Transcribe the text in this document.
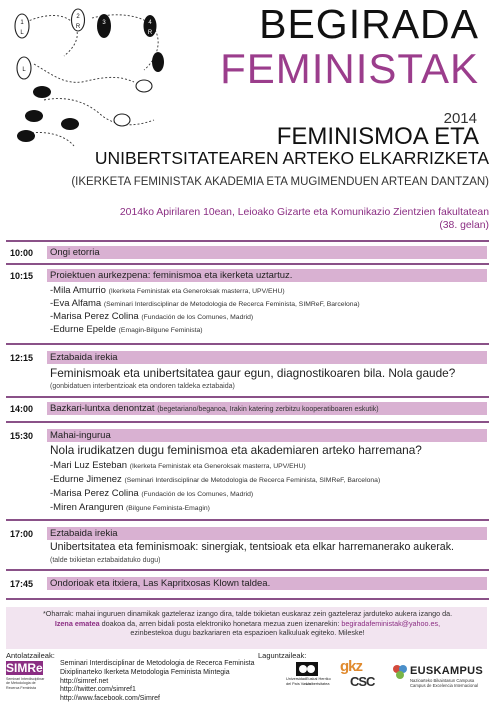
1
L
2
R
3	4
R
L
BEGIRADA
FEMINISTAK
2014
FEMINISMOA ETA
UNIBERTSITATEAREN ARTEKO ELKARRIZKETA
(IKERKETA FEMINISTAK AKADEMIA ETA MUGIMENDUEN ARTEAN DANTZAN)
2014ko Apirilaren 10ean, Leioako Gizarte eta Komunikazio Zientzien fakultatean
(38. gelan)
10:00 Ongi etorria
10:15 Proiektuen aurkezpena: feminismoa eta ikerketa uztartuz.
-Mila Amurrio (Ikerketa Feministak eta Generoksak masterra, UPV/EHU)
-Eva Alfama (Seminari Interdisciplinar de Metodologia de Recerca Feminista, SIMReF, Barcelona)
-Marisa Perez Colina (Fundación de los Comunes, Madrid)
-Edurne Epelde (Emagin-Bilgune Feminista)
12:15 Eztabaida irekia
Feminismoak eta unibertsitatea gaur egun, diagnostikoaren bila. Nola gaude?
(gonbidatuen interbentzioak eta ondoren taldeka eztabaida)
14:00 Bazkari-luntxa denontzat (begetariano/beganoa, Irakin katering zerbitzu kooperatiboaren eskutik)
15:30 Mahai-ingurua
Nola irudikatzen dugu feminismoa eta akademiaren arteko harremana?
-Mari Luz Esteban (Ikerketa Feministak eta Generoksak masterra, UPV/EHU)
-Edurne Jimenez (Seminari Interdisciplinar de Metodologia de Recerca Feminista, SIMReF, Barcelona)
-Marisa Perez Colina (Fundación de los Comunes, Madrid)
-Miren Aranguren (Bilgune Feminista-Emagin)
17:00 Eztabaida irekia
Unibertsitatea eta feminismoak: sinergiak, tentsioak eta elkar harremanerako aukerak.
(talde txikietan eztabaidatuko dugu)
17:45 Ondorioak eta itxiera, Las Kapritxosas Klown taldea.
*Oharrak: mahai inguruen dinamikak gazteleraz izango dira, talde txikietan euskaraz zein gazteleraz jarduteko aukera izango da.
Izena ematea doakoa da, arren bidali posta elektroniko honetara mezua zuen izenarekin: begiradafeministak@yahoo.es,
ezinbestekoa dugu bazkariaren eta espazioen kalkuluak egiteko. Mileske!
Antolatzaileak:
SIMReF
Seminari Interdisciplinar de Metodologia de Recerca Feminista
Seminari Interdisciplinar de Metodologia de Recerca Feminista
Dixiplinarteko Ikerketa Metodologia Feminista Mintegia
http://simref.net
http://twitter.com/simref1
http://www.facebook.com/Simref
Laguntzaileak:
Universidad
del País Vasco
Euskal Herriko
Unibertsitatea
gkz
CSC
EUSKAMPUS
Nazioarteko Bikaintasun Campusa
Campus de Excelencia Internacional
